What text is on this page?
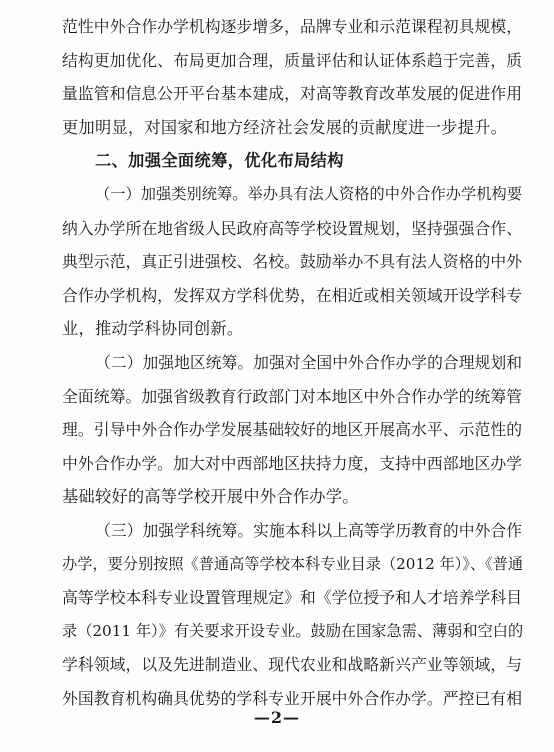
范性中外合作办学机构逐步增多，品牌专业和示范课程初具规模，
结构更加优化、布局更加合理，质量评估和认证体系趋于完善，质
量监管和信息公开平台基本建成，对高等教育改革发展的促进作用
更加明显，对国家和地方经济社会发展的贡献度进一步提升。
二、加强全面统筹，优化布局结构
（一）加强类别统筹。举办具有法人资格的中外合作办学机构要
纳入办学所在地省级人民政府高等学校设置规划，坚持强强合作、
典型示范，真正引进强校、名校。鼓励举办不具有法人资格的中外
合作办学机构，发挥双方学科优势，在相近或相关领域开设学科专
业，推动学科协同创新。
（二）加强地区统筹。加强对全国中外合作办学的合理规划和
全面统筹。加强省级教育行政部门对本地区中外合作办学的统筹管
理。引导中外合作办学发展基础较好的地区开展高水平、示范性的
中外合作办学。加大对中西部地区扶持力度，支持中西部地区办学
基础较好的高等学校开展中外合作办学。
（三）加强学科统筹。实施本科以上高等学历教育的中外合作
办学，要分别按照《普通高等学校本科专业目录（2012 年）》、《普通
高等学校本科专业设置管理规定》和《学位授予和人才培养学科目
录（2011 年）》有关要求开设专业。鼓励在国家急需、薄弱和空白的
学科领域，以及先进制造业、现代农业和战略新兴产业等领域，与
外国教育机构确具优势的学科专业开展中外合作办学。严控已有相
—2—
